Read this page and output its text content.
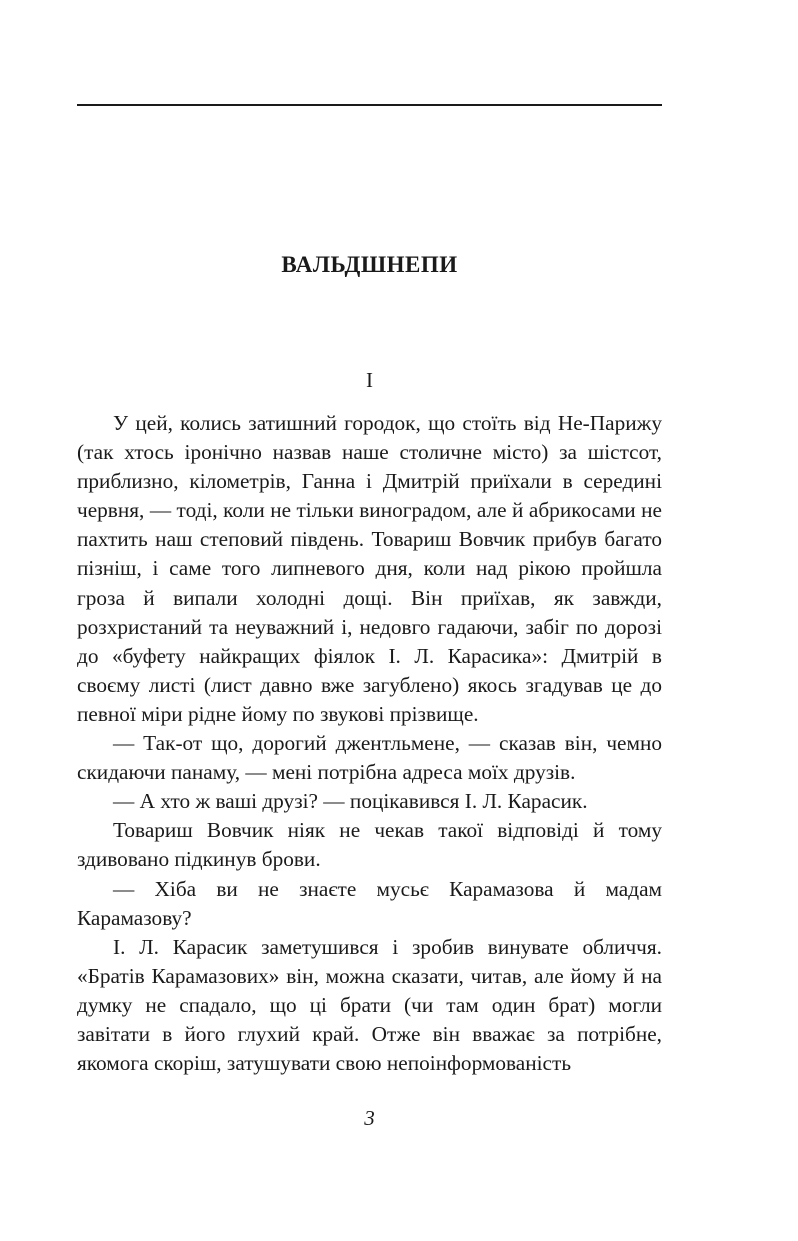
ВАЛЬДШНЕПИ
I

У цей, колись затишний городок, що стоїть від Не-Парижу (так хтось іронічно назвав наше столичне місто) за шістсот, приблизно, кілометрів, Ганна і Дмитрій приїхали в середині червня, — тоді, коли не тільки виноградом, але й абрикосами не пахтить наш степовий південь. Товариш Вовчик прибув багато пізніш, і саме того липневого дня, коли над рікою пройшла гроза й випали холодні дощі. Він приїхав, як завжди, розхристаний та неуважний і, недовго гадаючи, забіг по дорозі до «буфету найкращих фіялок І. Л. Карасика»: Дмитрій в своєму листі (лист давно вже загублено) якось згадував це до певної міри рідне йому по звукові прізвище.

— Так-от що, дорогий джентльмене, — сказав він, чемно скидаючи панаму, — мені потрібна адреса моїх друзів.

— А хто ж ваші друзі? — поцікавився І. Л. Карасик.

Товариш Вовчик ніяк не чекав такої відповіді й тому здивовано підкинув брови.

— Хіба ви не знаєте мусьє Карамазова й мадам Карамазову?

І. Л. Карасик заметушився і зробив винувате обличчя. «Братів Карамазових» він, можна сказати, читав, але йому й на думку не спадало, що ці брати (чи там один брат) могли завітати в його глухий край. Отже він вважає за потрібне, якомога скоріш, затушувати свою непоінформованість

3
